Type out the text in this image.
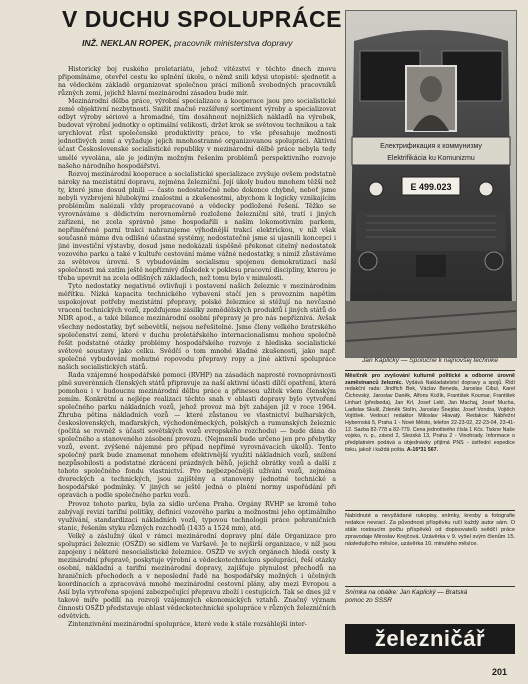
V DUCHU SPOLUPRÁCE
INŽ. NEKLAN ROPEK, pracovník ministerstva dopravy

Historický boj ruského proletariátu, jehož vítězství v těchto dnech znovu připomínáme, otevřel cestu ke splnění úkolu, o němž snili kdysi utopisté: sjednotit a na vědeckém základě organizovat společnou práci milionů svobodných pracovníků různých zemí, jejichž hlavní mezinárodní zásadou bude mír.

Mezinárodní dělba práce, výrobní specializace a kooperace jsou pro socialistické země objektivní nezbytností. Snižit značně rozšířený sortiment výroby a specializovat odbyt výroby sériové a hromadné, tím dosáhnout nejnižších nákladů na výrobek, budovat výrobní jednotky o optimální velikosti, držet krok se světovou technikou a tak urychlovat růst společenské produktivity práce, to vše přesahuje možnosti jednotlivých zemí a vyžaduje jejich mnohostranné organizovanou spolupráci. Aktivní účast Československé socialistické republiky v mezinárodní dělbě práce nebyla tedy umělé vyvolána, ale je jediným možným řešením problémů perspektivního rozvoje našeho národního hospodářství.

Rozvoj mezinárodní kooperace a socialistické specializace zvyšuje ovšem podstatně nároky na mezistátní dopravu, zejména železniční. Její úkoly budou mnohem těžší než ty, které jsme dosud plnili — často nedostatečně nebo dokonce chybně, neboť jsme nebyli vyzbrojeni hlubokými znalostmi a zkušenostmi, abychom k logicky vznikajícím problémům nalézali vždy propracované a vědecky podložené řešení. Těžko se vyrovnáváme s dědictvím nerovnoměrně rozložené železniční sítě, tratí i jiných zařízení, ne zcela správně jsme hospodařili s naším lokomotivním parkem, nepřiměřené parní trakci nahrazujeme výhodnější trakcí elektrickou, v níž však současně máme dva odlišné účastné systémy, nedostatečně jsme si ujasnili koncepci i jiné investiční výstavby, dosud jsme nedokázali úspěšně překonat citelný nedostatek vozového parku a také v kultuře cestování máme vážné nedostatky, s nimiž zůstáváme za světovou úrovní. S vybudováním socialismu spojenou demokratizací naší společnosti má zatím ještě nepříznivý důsledek v poklesu pracovní discipliny, kterou je třeba upevnit na zcela odlišných základech, než tomu bylo v minulosti.

Tyto nedostatky negativně ovlivňují i postavení našich železnic v mezinárodním měřítku. Nízká kapacita technického vybavení stačí jen s provozním napětím uspokojovat potřeby mezistátní přepravy, polské železnice si stěžují na nevčasné vracení technických vozů, zpožďujeme zásilky zemědělských produktů i jiných států do NDR apod., a také bilance mezinárodní osobní přepravy je pro nás nepříznivá. Avšak všechny nedostatky, byť sebevětší, nejsou neřešitelné. Jsme členy velkého bratrského společenství zemí, které v duchu proletářského internacionalismu mohou společně řešit podstatné otázky problémy hospodářského rozvoje z hlediska socialistické světové soustavy jako celku. Svědčí o tom mnohé kladné zkušenosti, jako např. společné vybudování mohutné ropovodu přepravy ropy a jiné aktivní spolupráce našich socialistických států.

Rada vzájemné hospodářské pomoci (RVHP) na zásadách naprosté rovnoprávnosti plně suverénních členských států připravuje za naší aktivní účasti dílčí opatření, která pomohou i v budoucnu mezinárodní dělbu práce a přinesou užitek všem členským zemím. Konkrétní a nejlépe realizaci těchto snah v oblasti dopravy bylo vytvoření společného parku nákladních vozů, jehož provoz má být zahájen již v roce 1964. Zhruba pětina nákladních vozů — které zůstanou ve vlastnictví bulharských, československých, maďarských, východoněmeckých, polských a rumunských železnic (počítá se rovněž s účastí sovětských vozů evropského rozchodu) — bude dána do společného a stanoveného zásobení provozu. (Nejmenší bude určeno jen pro přebytky vozů, event. zvýšené nájemné pro případ nepřímé vyrovnávacích úkolů). Tento společný park bude znamenat mnohem efektivnější využití nákladních vozů, snížení nezpůsobilosti a podstatné zkrácení prázdných běhů, jejichž obrátky vozů a další z tohoto společného fondu vlastnictví. Pro nejbezpečnější užívání vozů, zejména dvoreckých a technických, jsou zajištěny a stanoveny jednotné technické a hospodářské podmínky. V jiných se ještě jedná o plnění normy uspořádání při opravách a podle společného parku vozů.

Provoz tohoto parku, byla za sídlo určena Praha. Orgány RVHP se kromě toho zabývají revizí tarifní politiky, definicí vozového parku a možnostmi jeho optimálního využívání, standardizací nákladních vozů, typovou technologii práce pohraničních stanic, řešením styku různých rozchodů (1435 a 1524 mm), atd.

Velký a záslužný úkol v rámci mezinárodní dopravy plní dále Organizace pro spolupráci železnic (OSŽD) se sídlem ve Varšavě. Je to nejširší organizace, v níž jsou zapojeny i některé nesocialistické železnice. OSŽD ve svých orgánech hledá cesty k mezinárodní přepravě, poskytuje výrobní a vědeckotechnickou spolupráci, řeší otázky osobní, nákladní a tarifní mezinárodní dopravy, zajišťuje plynulost přechodů na hraničních přechodech a v neposlední řadě na hospodářsky možných i účelných koordinacích a zpracovává mnohé mezinárodní cestovní plány, aby mezi Evropou a Asií byla vytvořena spojení zabezpečující přepravu zboží i cestujících. Tak se dnes již v takové míře podílí na rozvoji vzájemných ekonomických vztahů. Značný význam činnosti OSŽD představuje oblast vědeckotechnické spolupráce v různých železničních odvětvích.

Zintenzivnění mezinárodní spolupráce, které vede k stále rozsáhlejší inter-

Електрификация к коммунизму
Elektrifikácia ku Komunizmu
E 499.023
Jan Kaplický — Spolučne k najnovšej technike
Měsíčník pro zvyšování kulturně politické a odborné úrovně zaměstnanců železnic. Vydává Nakladatelství dopravy a spojů. Řídí redakční rada: Jindřich Bek, Václav Beneda, Jaroslav Cibul, Karel Čichovský, Jaroslav Daněk, Alfons Kožík, František Koumar, František Linhart (předseda), Jan Krl, Josef Lebl, Jan Machaj, Josef Mucha, Ladislav Skulil, Zdeněk Stolín, Jaroslav Šnejdar, Josef Vondra, Vojtěch Vojtíšek. Vedoucí redaktor Miloslav Hlavatý. Redakce: Nábřežní Hybernská 5, Praha 1 - Nové Město, telefon 22-23-02, 22-23-04, 23-41-12. Sazba 82-778 a 82-779. Cena jednotlivého čísla 1 Kčs. Tiskne Naše vojsko, n. p., závod 2, Slezská 13, Praha 2 - Vinohrady. Informace o předplatném podává a objednávky přijímá PNS - ústřední expedice tisku, jakož i každá pošta. A-16*31 567.
Nabídnuté a nevyžádané rukopisy, snímky, kresby a fotografie redakce nevrací. Za původnost příspěvku ručí každý autor sám. O stále rostoucím počtu příspěvků od dopisovatelů svědčí práce zpravodaje Miroslav Krejčová. Uzávěrka v 9. vyšel svým členům 15. následujícího měsíce, uzávěrka 10. minulého měsíce.
Snímka na obálke: Jan Kaplický — Bratská
pomoc zo SSSR
železničář
201
